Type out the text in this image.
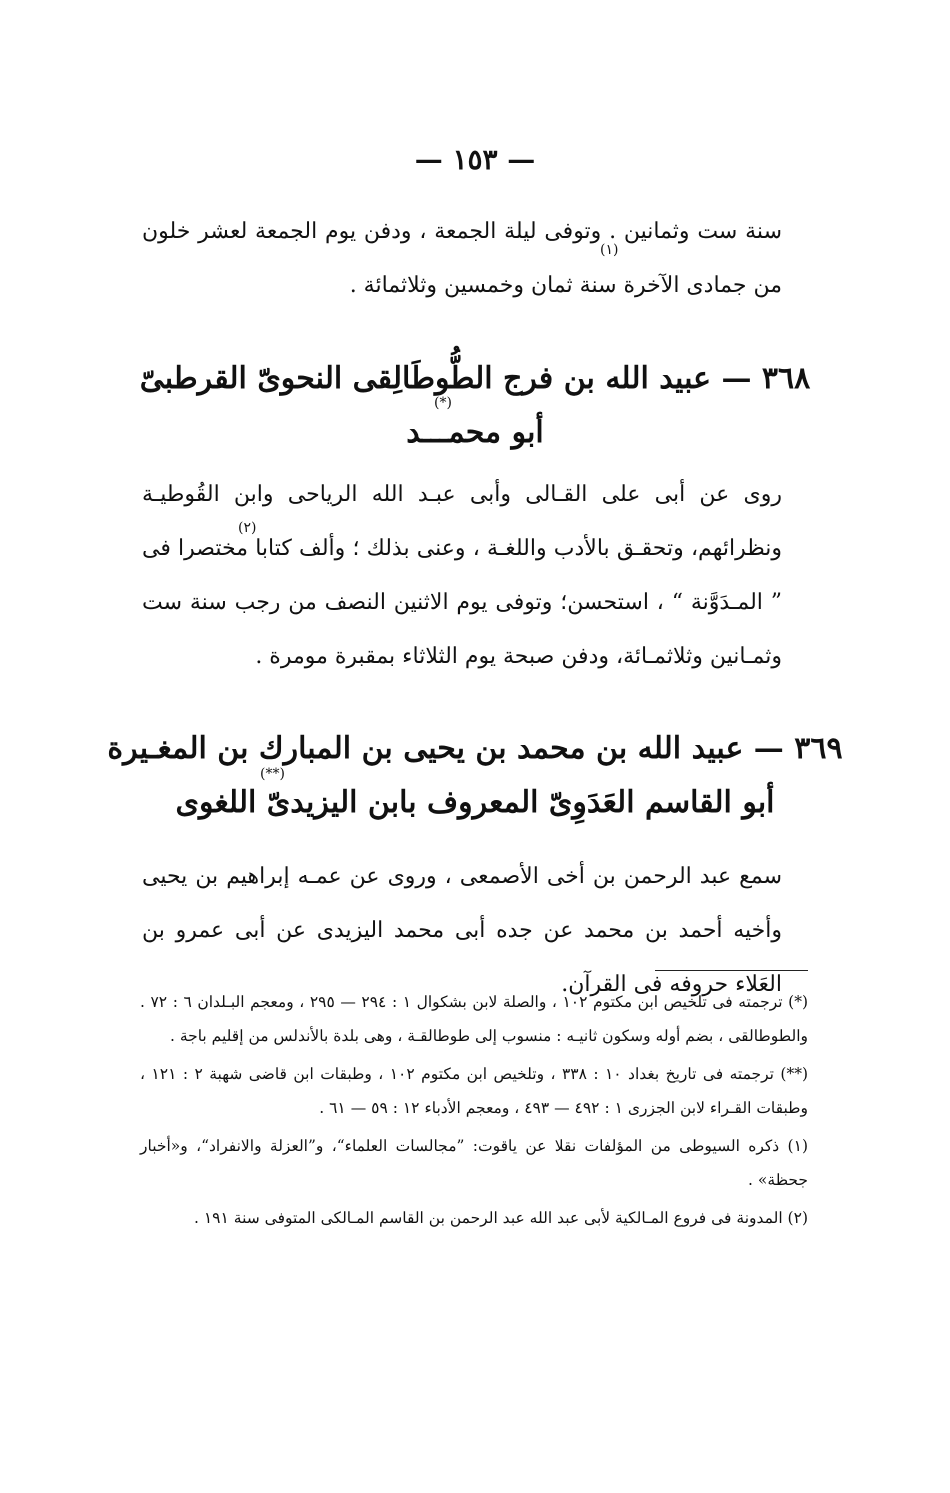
— ١٥٣ —

سنة ست وثمانين . وتوفى ليلة الجمعة ، ودفن يوم الجمعة لعشر خلون من جمادى الآخرة سنة ثمان وخمسين وثلاثمائة .

(١)
٣٦٨ — عبيد الله بن فرج الطُّوطَالِقى النحوىّ القرطبىّ
أبو محمـــد
(*)

روى عن أبى على القـالى وأبى عبـد الله الرياحى وابن القُوطيـة ونظرائهم، وتحقـق بالأدب واللغـة ، وعنى بذلك ؛ وألف كتابا مختصرا فى ” المـدَوَّنة “ ، استحسن؛ وتوفى يوم الاثنين النصف من رجب سنة ست وثمـانين وثلاثمـائة، ودفن صبحة يوم الثلاثاء بمقبرة مومرة .

(٢)
٣٦٩ — عبيد الله بن محمد بن يحيى بن المبارك بن المغـيرة
أبو القاسم العَدَوِىّ المعروف بابن اليزيدىّ اللغوى
(**)

سمع عبد الرحمن بن أخى الأصمعى ، وروى عن عمـه إبراهيم بن يحيى وأخيه أحمد بن محمد عن جده أبى محمد اليزيدى عن أبى عمرو بن العَلاء حروفه فى القرآن.

(*) ترجمته فى تلخيص ابن مكتوم ١٠٢ ، والصلة لابن بشكوال ١ : ٢٩٤ — ٢٩٥ ، ومعجم البـلدان ٦ : ٧٢ . والطوطالقى ، بضم أوله وسكون ثانيـه : منسوب إلى طوطالقـة ، وهى بلدة بالأندلس من إقليم باجة .

(**) ترجمته فى تاريخ بغداد ١٠ : ٣٣٨ ، وتلخيص ابن مكتوم ١٠٢ ، وطبقات ابن قاضى شهبة ٢ : ١٢١ ، وطبقات القـراء لابن الجزرى ١ : ٤٩٢ — ٤٩٣ ، ومعجم الأدباء ١٢ : ٥٩ — ٦١ .

(١) ذكره السيوطى من المؤلفات نقلا عن ياقوت: ”مجالسات العلماء“، و”العزلة والانفراد“، و«أخبار جحظة» .

(٢) المدونة فى فروع المـالكية لأبى عبد الله عبد الرحمن بن القاسم المـالكى المتوفى سنة ١٩١ .
